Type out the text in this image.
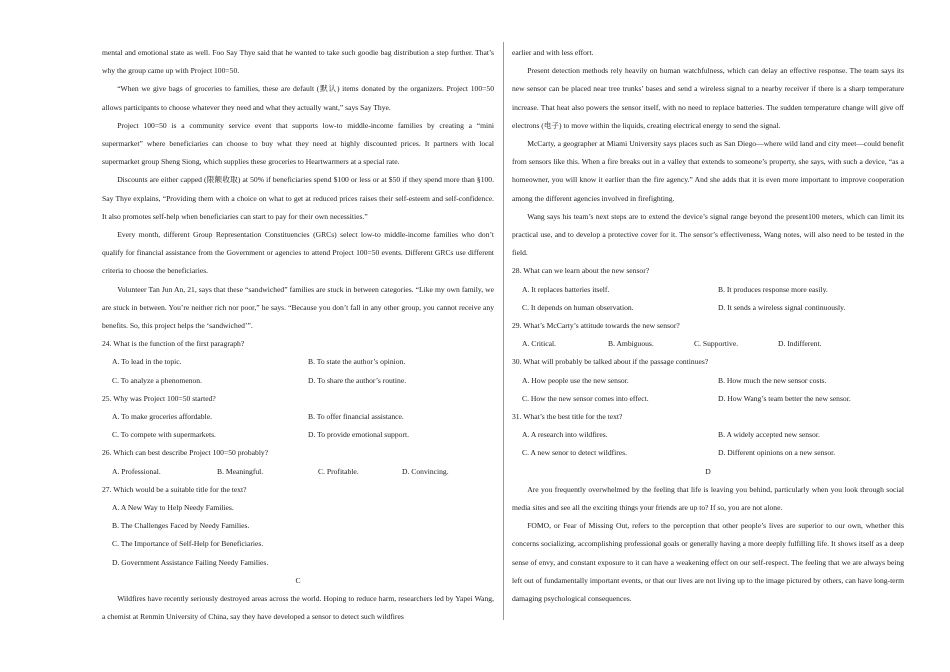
mental and emotional state as well. Foo Say Thye said that he wanted to take such goodie bag distribution a step further. That’s why the group came up with Project 100=50.

“When we give bags of groceries to families, these are default (默认) items donated by the organizers. Project 100=50 allows participants to choose whatever they need and what they actually want,” says Say Thye.

Project 100=50 is a community service event that supports low-to middle-income families by creating a “mini supermarket” where beneficiaries can choose to buy what they need at highly discounted prices. It partners with local supermarket group Sheng Siong, which supplies these groceries to Heartwarmers at a special rate.

Discounts are either capped (限额收取) at 50% if beneficiaries spend $100 or less or at $50 if they spend more than §100. Say Thye explains, “Providing them with a choice on what to get at reduced prices raises their self-esteem and self-confidence. It also promotes self-help when beneficiaries can start to pay for their own necessities.”

Every month, different Group Representation Constituencies (GRCs) select low-to middle-income families who don’t qualify for financial assistance from the Government or agencies to attend Project 100=50 events. Different GRCs use different criteria to choose the beneficiaries.

Volunteer Tan Jun An, 21, says that these “sandwiched” families are stuck in between categories. “Like my own family, we are stuck in between. You’re neither rich nor poor,” he says. “Because you don’t fall in any other group, you cannot receive any benefits. So, this project helps the ‘sandwiched’”.

24. What is the function of the first paragraph?

A. To lead in the topic.	B. To state the author’s opinion.
C. To analyze a phenomenon.	D. To share the author’s routine.

25. Why was Project 100=50 started?

A. To make groceries affordable.	B. To offer financial assistance.
C. To compete with supermarkets.	D. To provide emotional support.

26. Which can best describe Project 100=50 probably?

A. Professional.	B. Meaningful.	C. Profitable.	D. Convincing.

27. Which would be a suitable title for the text?

A. A New Way to Help Needy Families.

B. The Challenges Faced by Needy Families.

C. The Importance of Self-Help for Beneficiaries.

D. Government Assistance Failing Needy Families.

C

Wildfires have recently seriously destroyed areas across the world. Hoping to reduce harm, researchers led by Yapei Wang, a chemist at Renmin University of China, say they have developed a sensor to detect such wildfires

earlier and with less effort.

Present detection methods rely heavily on human watchfulness, which can delay an effective response. The team says its new sensor can be placed near tree trunks’ bases and send a wireless signal to a nearby receiver if there is a sharp temperature increase. That heat also powers the sensor itself, with no need to replace batteries. The sudden temperature change will give off electrons (电子) to move within the liquids, creating electrical energy to send the signal.

McCarty, a geographer at Miami University says places such as San Diego—where wild land and city meet—could benefit from sensors like this. When a fire breaks out in a valley that extends to someone’s property, she says, with such a device, “as a homeowner, you will know it earlier than the fire agency.” And she adds that it is even more important to improve cooperation among the different agencies involved in firefighting.

Wang says his team’s next steps are to extend the device’s signal range beyond the present100 meters, which can limit its practical use, and to develop a protective cover for it. The sensor’s effectiveness, Wang notes, will also need to be tested in the field.

28. What can we learn about the new sensor?

A. It replaces batteries itself.	B. It produces response more easily.
C. It depends on human observation.	D. It sends a wireless signal continuously.

29. What’s McCarty’s attitude towards the new sensor?

A. Critical.	B. Ambiguous.	C. Supportive.	D. Indifferent.

30. What will probably be talked about if the passage continues?

A. How people use the new sensor.	B. How much the new sensor costs.
C. How the new sensor comes into effect.	D. How Wang’s team better the new sensor.

31. What’s the best title for the text?

A. A research into wildfires.	B. A widely accepted new sensor.
C. A new senor to detect wildfires.	D. Different opinions on a new sensor.

D

Are you frequently overwhelmed by the feeling that life is leaving you behind, particularly when you look through social media sites and see all the exciting things your friends are up to? If so, you are not alone.

FOMO, or Fear of Missing Out, refers to the perception that other people’s lives are superior to our own, whether this concerns socializing, accomplishing professional goals or generally having a more deeply fulfilling life. It shows itself as a deep sense of envy, and constant exposure to it can have a weakening effect on our self-respect. The feeling that we are always being left out of fundamentally important events, or that our lives are not living up to the image pictured by others, can have long-term damaging psychological consequences.
